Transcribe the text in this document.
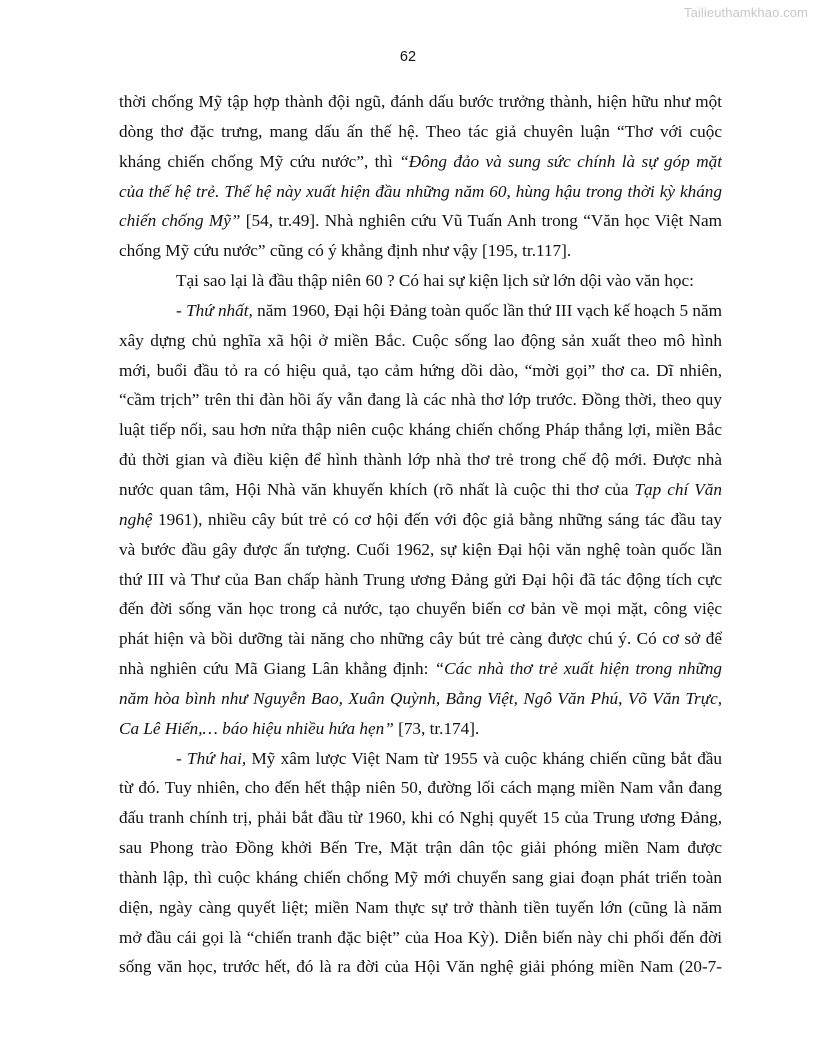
Tailieuthamkhao.com
62
thời chống Mỹ tập hợp thành đội ngũ, đánh dấu bước trưởng thành, hiện hữu như một
dòng thơ đặc trưng, mang dấu ấn thế hệ. Theo tác giả chuyên luận “Thơ với cuộc
kháng chiến chống Mỹ cứu nước”, thì “Đông đảo và sung sức chính là sự góp mặt
của thế hệ trẻ. Thế hệ này xuất hiện đầu những năm 60, hùng hậu trong thời kỳ kháng
chiến chống Mỹ” [54, tr.49]. Nhà nghiên cứu Vũ Tuấn Anh trong “Văn học Việt Nam
chống Mỹ cứu nước” cũng có ý khẳng định như vậy [195, tr.117].
Tại sao lại là đầu thập niên 60 ? Có hai sự kiện lịch sử lớn dội vào văn học:
- Thứ nhất, năm 1960, Đại hội Đảng toàn quốc lần thứ III vạch kế hoạch 5 năm
xây dựng chủ nghĩa xã hội ở miền Bắc. Cuộc sống lao động sản xuất theo mô hình
mới, buổi đầu tỏ ra có hiệu quả, tạo cảm hứng dồi dào, “mời gọi” thơ ca. Dĩ nhiên,
“cầm trịch” trên thi đàn hồi ấy vẫn đang là các nhà thơ lớp trước. Đồng thời, theo quy
luật tiếp nối, sau hơn nửa thập niên cuộc kháng chiến chống Pháp thắng lợi, miền Bắc
đủ thời gian và điều kiện để hình thành lớp nhà thơ trẻ trong chế độ mới. Được nhà
nước quan tâm, Hội Nhà văn khuyến khích (rõ nhất là cuộc thi thơ của Tạp chí Văn
nghệ 1961), nhiều cây bút trẻ có cơ hội đến với độc giả bằng những sáng tác đầu tay
và bước đầu gây được ấn tượng. Cuối 1962, sự kiện Đại hội văn nghệ toàn quốc lần
thứ III và Thư của Ban chấp hành Trung ương Đảng gửi Đại hội đã tác động tích cực
đến đời sống văn học trong cả nước, tạo chuyển biến cơ bản về mọi mặt, công việc
phát hiện và bồi dưỡng tài năng cho những cây bút trẻ càng được chú ý. Có cơ sở để
nhà nghiên cứu Mã Giang Lân khẳng định: “Các nhà thơ trẻ xuất hiện trong những
năm hòa bình như Nguyễn Bao, Xuân Quỳnh, Bằng Việt, Ngô Văn Phú, Võ Văn Trực,
Ca Lê Hiến,… báo hiệu nhiều hứa hẹn” [73, tr.174].
- Thứ hai, Mỹ xâm lược Việt Nam từ 1955 và cuộc kháng chiến cũng bắt đầu
từ đó. Tuy nhiên, cho đến hết thập niên 50, đường lối cách mạng miền Nam vẫn đang
đấu tranh chính trị, phải bắt đầu từ 1960, khi có Nghị quyết 15 của Trung ương Đảng,
sau Phong trào Đồng khởi Bến Tre, Mặt trận dân tộc giải phóng miền Nam được
thành lập, thì cuộc kháng chiến chống Mỹ mới chuyển sang giai đoạn phát triển toàn
diện, ngày càng quyết liệt; miền Nam thực sự trở thành tiền tuyến lớn (cũng là năm
mở đầu cái gọi là “chiến tranh đặc biệt” của Hoa Kỳ). Diễn biến này chi phối đến đời
sống văn học, trước hết, đó là ra đời của Hội Văn nghệ giải phóng miền Nam (20-7-
